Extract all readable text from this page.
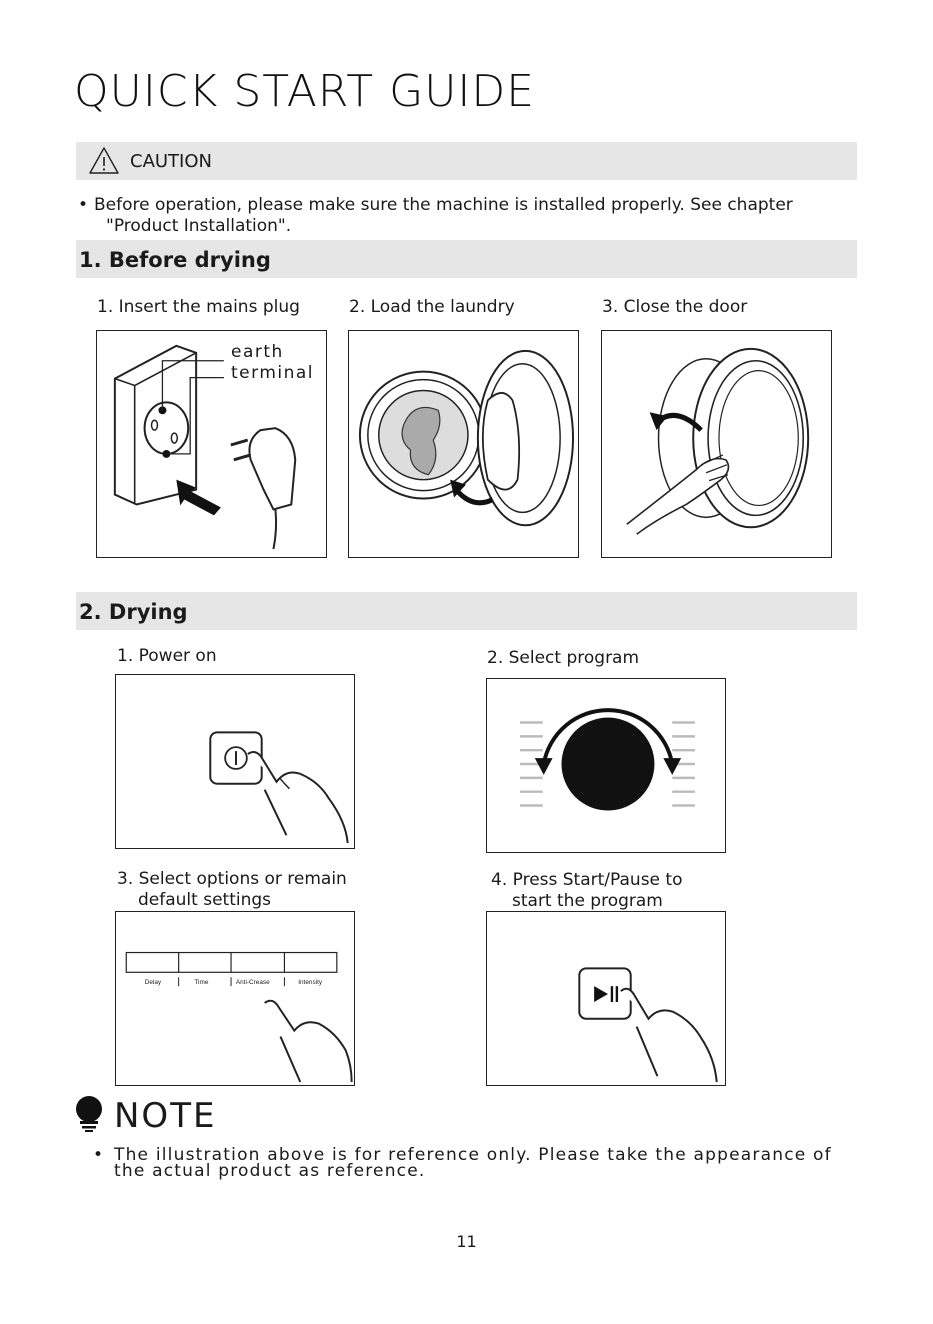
QUICK START GUIDE
CAUTION
• Before operation, please make sure the machine is installed properly. See chapter
"Product Installation".
1. Before drying
1. Insert the mains plug	2. Load the laundry	3. Close the door
earth
terminal
2. Drying
1. Power on	2. Select program
3. Select options or remain
default settings
4. Press Start/Pause to
start the program
Delay	Time	Anti-Crease	Intensity
NOTE
• The illustration above is for reference only. Please take the appearance of
the actual product as reference.
11
